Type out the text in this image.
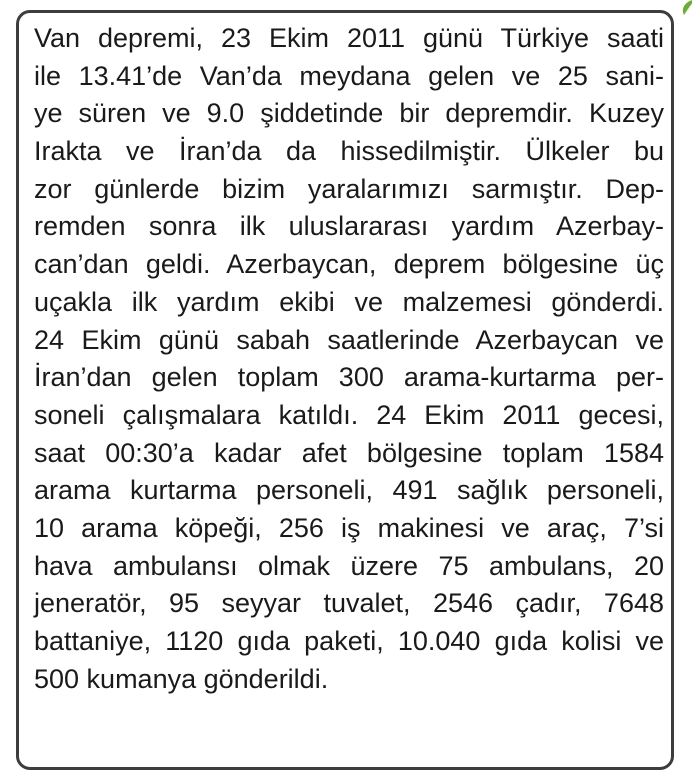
Van depremi, 23 Ekim 2011 günü Türkiye saati
ile 13.41’de Van’da meydana gelen ve 25 sani-
ye süren ve 9.0 şiddetinde bir depremdir. Kuzey
Irakta ve İran’da da hissedilmiştir. Ülkeler bu
zor günlerde bizim yaralarımızı sarmıştır. Dep-
remden sonra ilk uluslararası yardım Azerbay-
can’dan geldi. Azerbaycan, deprem bölgesine üç
uçakla ilk yardım ekibi ve malzemesi gönderdi.
24 Ekim günü sabah saatlerinde Azerbaycan ve
İran’dan gelen toplam 300 arama-kurtarma per-
soneli çalışmalara katıldı. 24 Ekim 2011 gecesi,
saat 00:30’a kadar afet bölgesine toplam 1584
arama kurtarma personeli, 491 sağlık personeli,
10 arama köpeği, 256 iş makinesi ve araç, 7’si
hava ambulansı olmak üzere 75 ambulans, 20
jeneratör, 95 seyyar tuvalet, 2546 çadır, 7648
battaniye, 1120 gıda paketi, 10.040 gıda kolisi ve
500 kumanya gönderildi.
